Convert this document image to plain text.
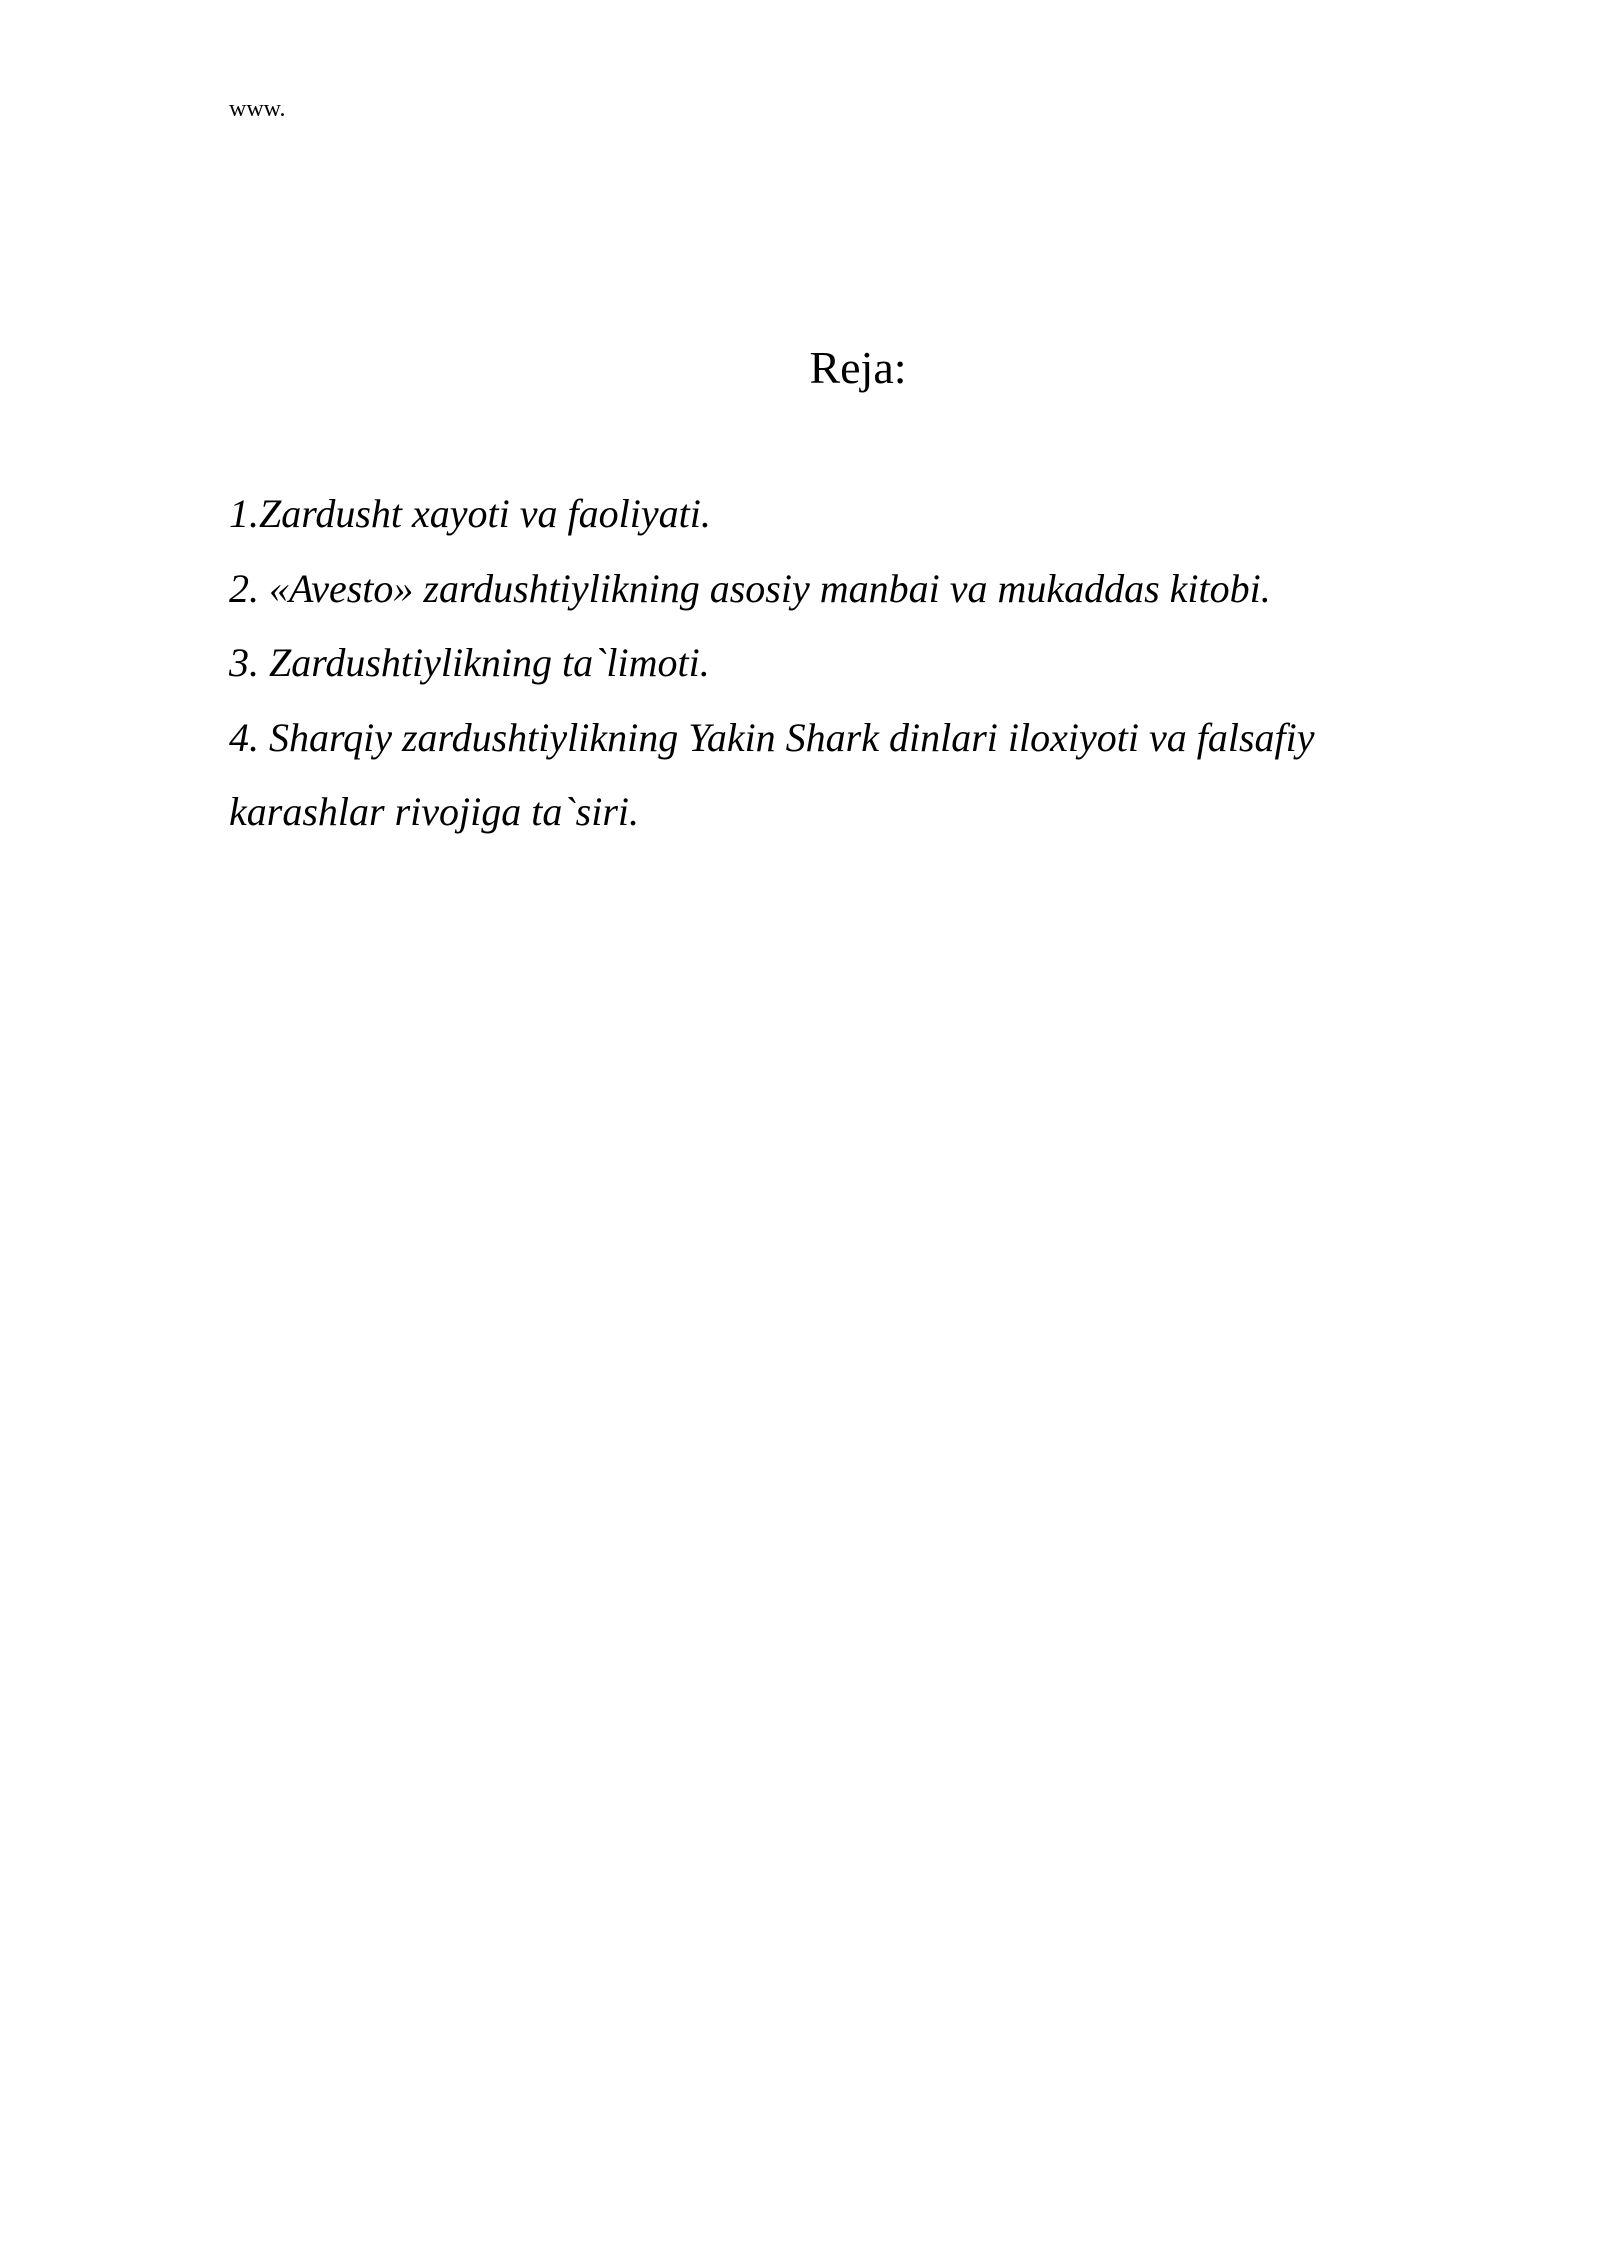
www.
Reja:
1.Zardusht xayoti va faoliyati.
2. «Avesto» zardushtiylikning asosiy manbai va mukaddas kitobi.
3. Zardushtiylikning ta`limoti.
4. Sharqiy zardushtiylikning Yakin Shark dinlari iloxiyoti va falsafiy karashlar rivojiga ta`siri.
